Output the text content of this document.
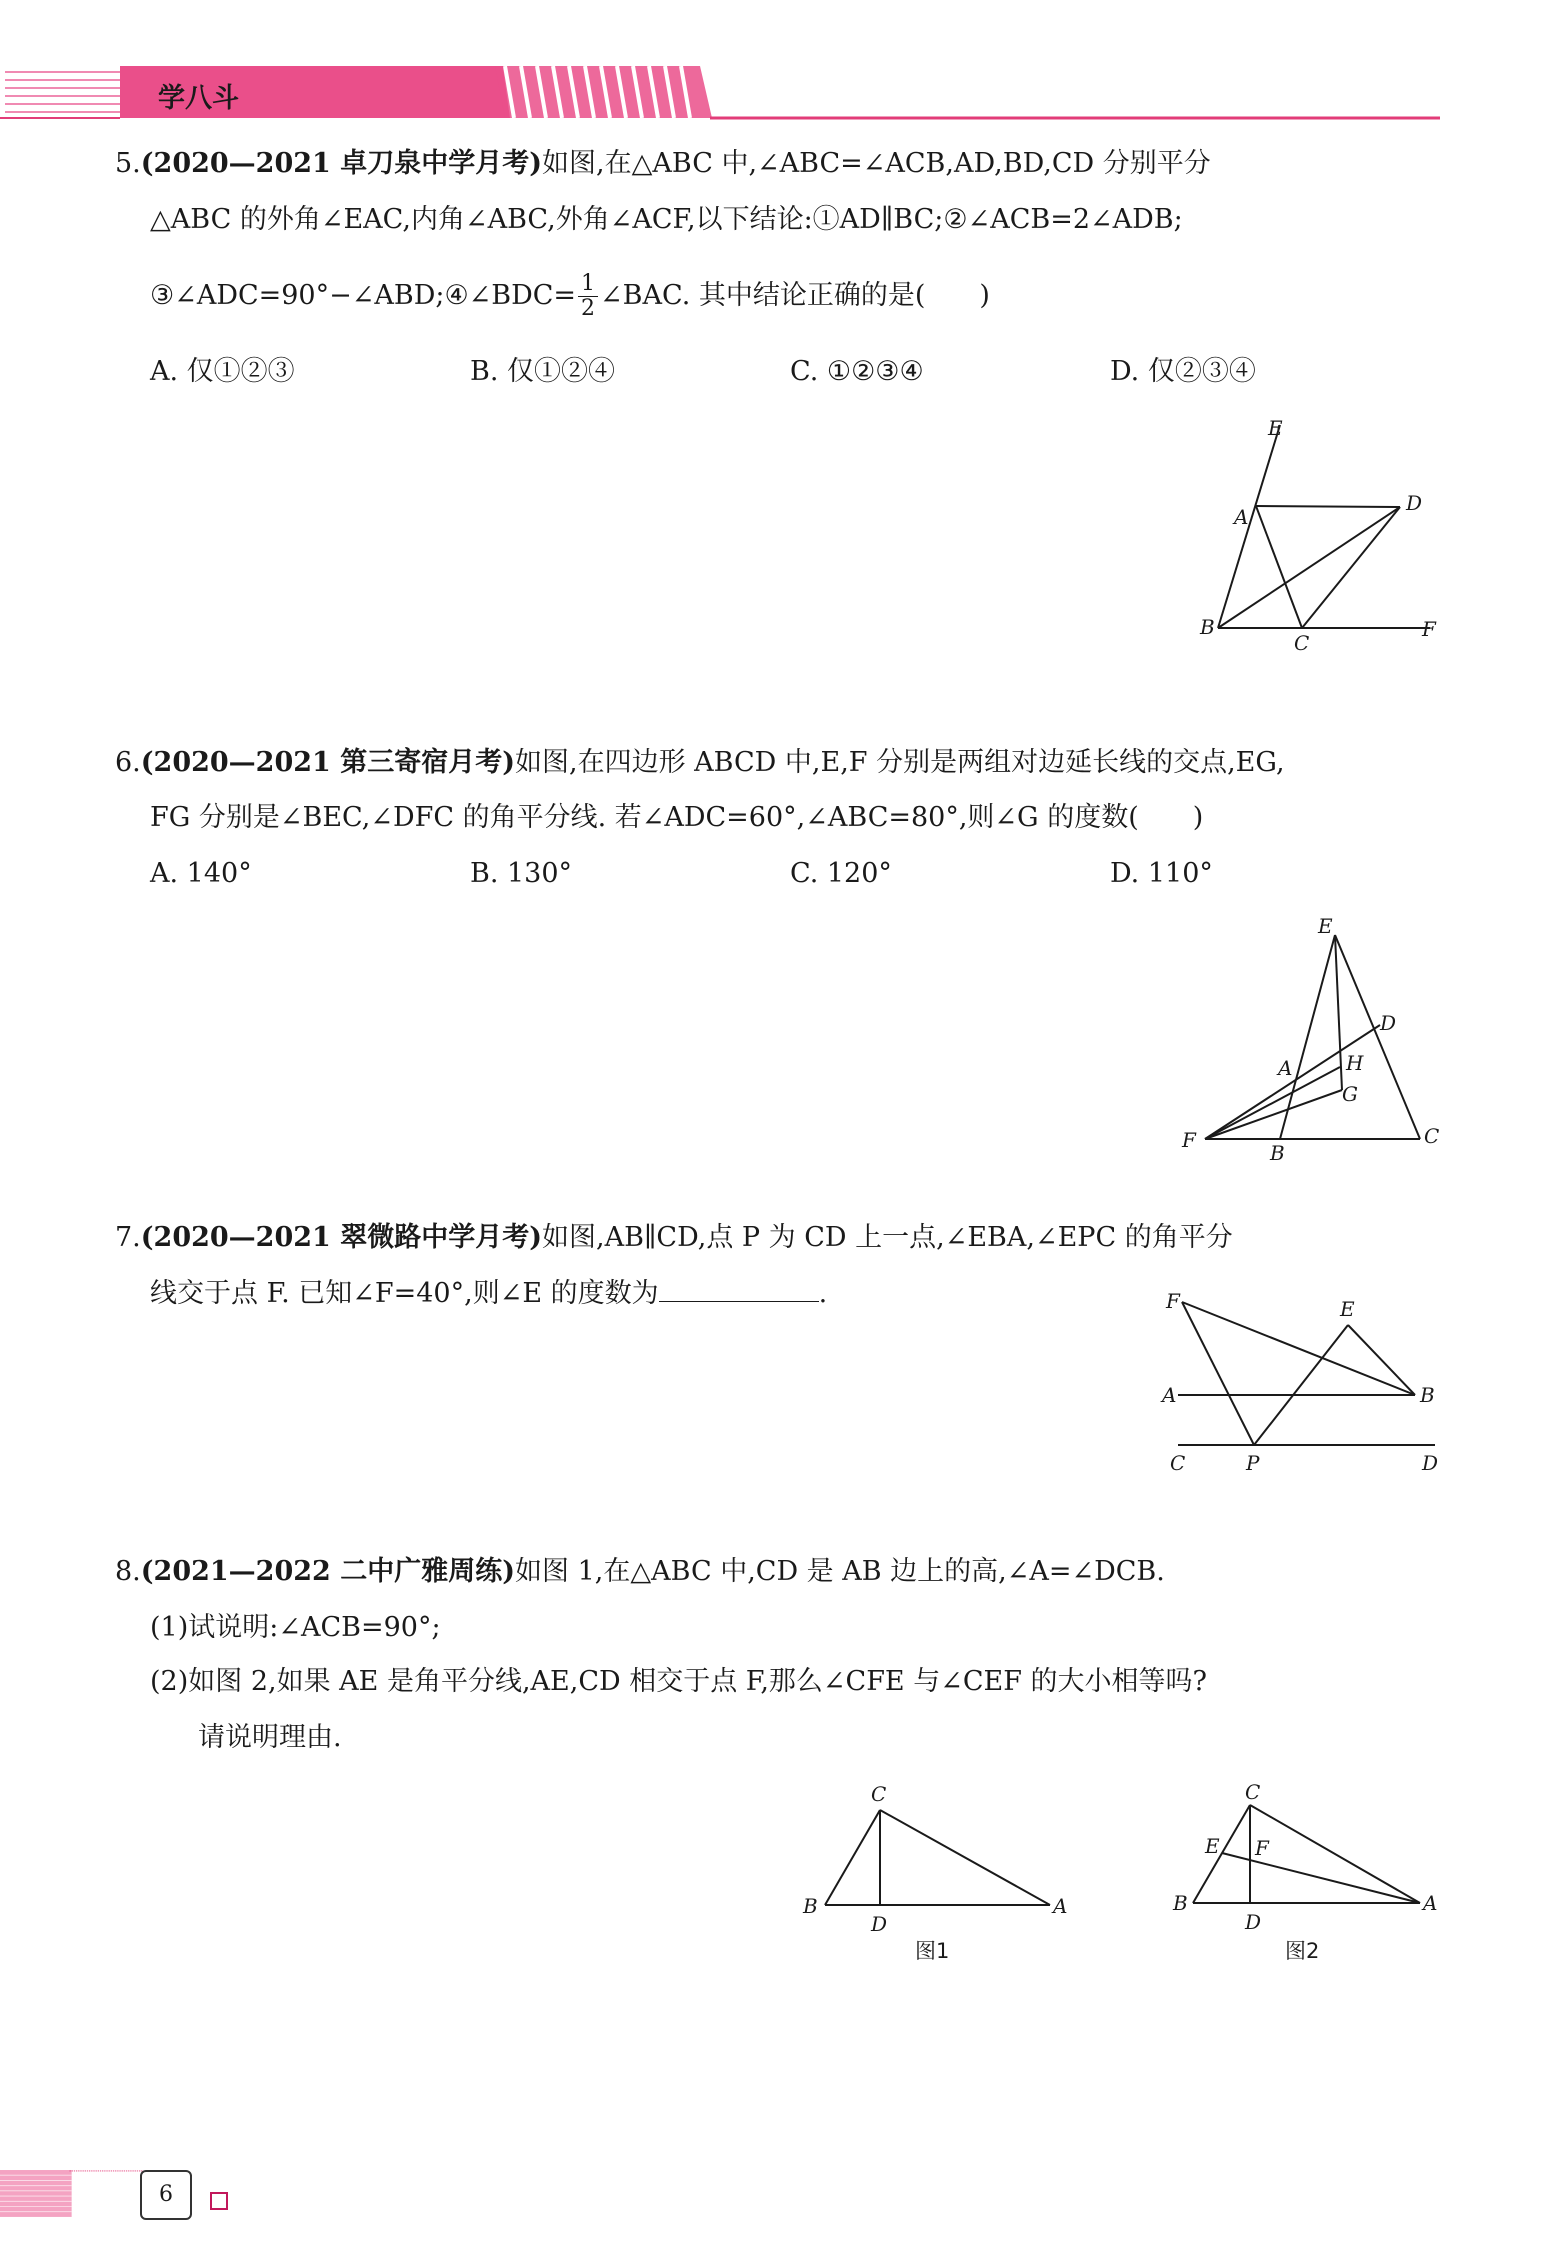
学八斗
5.(2020—2021 卓刀泉中学月考)如图,在△ABC 中,∠ABC=∠ACB,AD,BD,CD 分别平分
△ABC 的外角∠EAC,内角∠ABC,外角∠ACF,以下结论:①AD∥BC;②∠ACB=2∠ADB;
③∠ADC=90°−∠ABD;④∠BDC= $\frac{1}{2}$ ∠BAC. 其中结论正确的是(　　)
A. 仅①②③	B. 仅①②④	C. ①②③④	D. 仅②③④
E
A
D
B
C
F
6.(2020—2021 第三寄宿月考)如图,在四边形 ABCD 中,E,F 分别是两组对边延长线的交点,EG,
FG 分别是∠BEC,∠DFC 的角平分线. 若∠ADC=60°,∠ABC=80°,则∠G 的度数(　　)
A. 140°	B. 130°	C. 120°	D. 110°
E
D
A	H
G
F
B
C
7.(2020—2021 翠微路中学月考)如图,AB∥CD,点 P 为 CD 上一点,∠EBA,∠EPC 的角平分
线交于点 F. 已知∠F=40°,则∠E 的度数为	.	F	E
A	B
C	P	D
8.(2021—2022 二中广雅周练)如图 1,在△ABC 中,CD 是 AB 边上的高,∠A=∠DCB.
(1)试说明:∠ACB=90°;
(2)如图 2,如果 AE 是角平分线,AE,CD 相交于点 F,那么∠CFE 与∠CEF 的大小相等吗?
请说明理由.
C
B
D
A
图1
C
E F
B
D
A
图2
6
